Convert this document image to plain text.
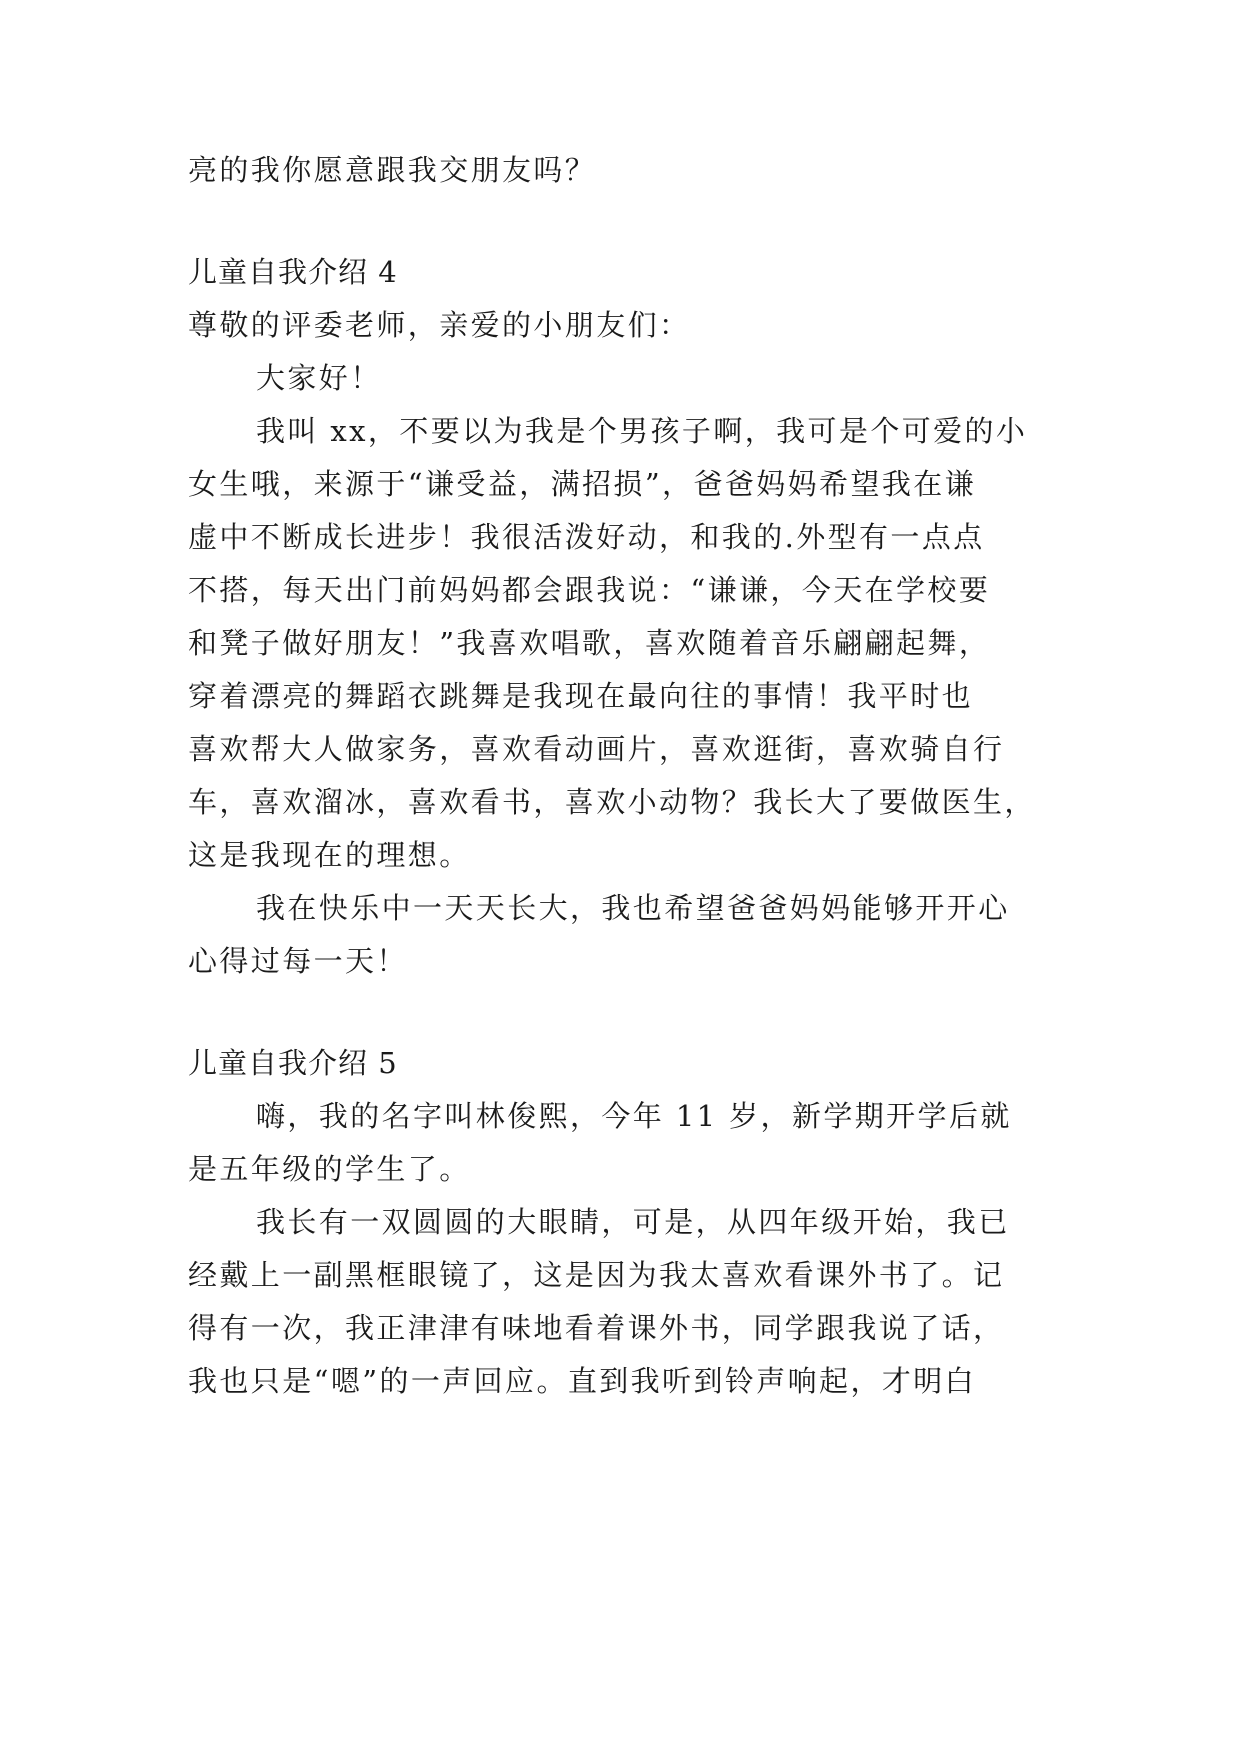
亮的我你愿意跟我交朋友吗？
儿童自我介绍 4
尊敬的评委老师，亲爱的小朋友们：
大家好！
我叫 xx，不要以为我是个男孩子啊，我可是个可爱的小
女生哦，来源于“谦受益，满招损”，爸爸妈妈希望我在谦
虚中不断成长进步！我很活泼好动，和我的.外型有一点点
不搭，每天出门前妈妈都会跟我说：“谦谦，今天在学校要
和凳子做好朋友！”我喜欢唱歌，喜欢随着音乐翩翩起舞，
穿着漂亮的舞蹈衣跳舞是我现在最向往的事情！我平时也
喜欢帮大人做家务，喜欢看动画片，喜欢逛街，喜欢骑自行
车，喜欢溜冰，喜欢看书，喜欢小动物？我长大了要做医生，
这是我现在的理想。
我在快乐中一天天长大，我也希望爸爸妈妈能够开开心
心得过每一天！
儿童自我介绍 5
嗨，我的名字叫林俊熙，今年 11 岁，新学期开学后就
是五年级的学生了。
我长有一双圆圆的大眼睛，可是，从四年级开始，我已
经戴上一副黑框眼镜了，这是因为我太喜欢看课外书了。记
得有一次，我正津津有味地看着课外书，同学跟我说了话，
我也只是“嗯”的一声回应。直到我听到铃声响起，才明白
